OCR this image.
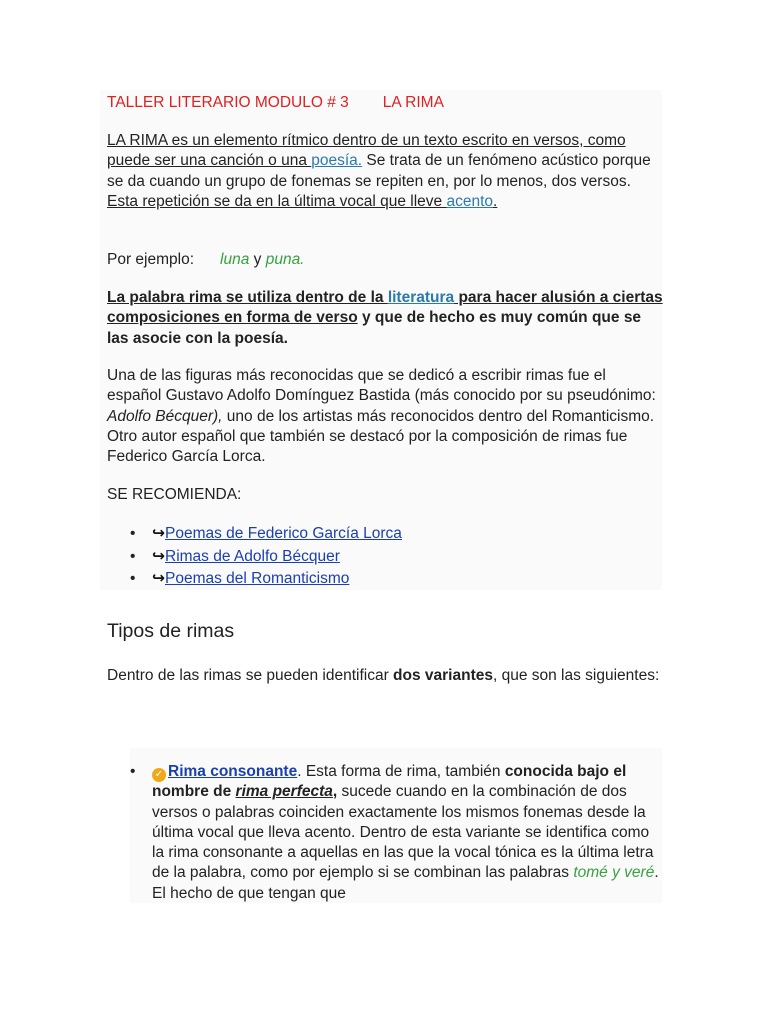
TALLER LITERARIO MODULO # 3 LA RIMA
LA RIMA es un elemento rítmico dentro de un texto escrito en versos, como puede ser una canción o una poesía. Se trata de un fenómeno acústico porque se da cuando un grupo de fonemas se repiten en, por lo menos, dos versos. Esta repetición se da en la última vocal que lleve acento.
Por ejemplo: luna y puna.
La palabra rima se utiliza dentro de la literatura para hacer alusión a ciertas composiciones en forma de verso y que de hecho es muy común que se las asocie con la poesía.
Una de las figuras más reconocidas que se dedicó a escribir rimas fue el español Gustavo Adolfo Domínguez Bastida (más conocido por su pseudónimo: Adolfo Bécquer), uno de los artistas más reconocidos dentro del Romanticismo. Otro autor español que también se destacó por la composición de rimas fue Federico García Lorca.
SE RECOMIENDA:
• ↪Poemas de Federico García Lorca
• ↪Rimas de Adolfo Bécquer
• ↪Poemas del Romanticismo
Tipos de rimas
Dentro de las rimas se pueden identificar dos variantes, que son las siguientes:
• ✓ Rima consonante. Esta forma de rima, también conocida bajo el nombre de rima perfecta, sucede cuando en la combinación de dos versos o palabras coinciden exactamente los mismos fonemas desde la última vocal que lleva acento. Dentro de esta variante se identifica como la rima consonante a aquellas en las que la vocal tónica es la última letra de la palabra, como por ejemplo si se combinan las palabras tomé y veré. El hecho de que tengan que
